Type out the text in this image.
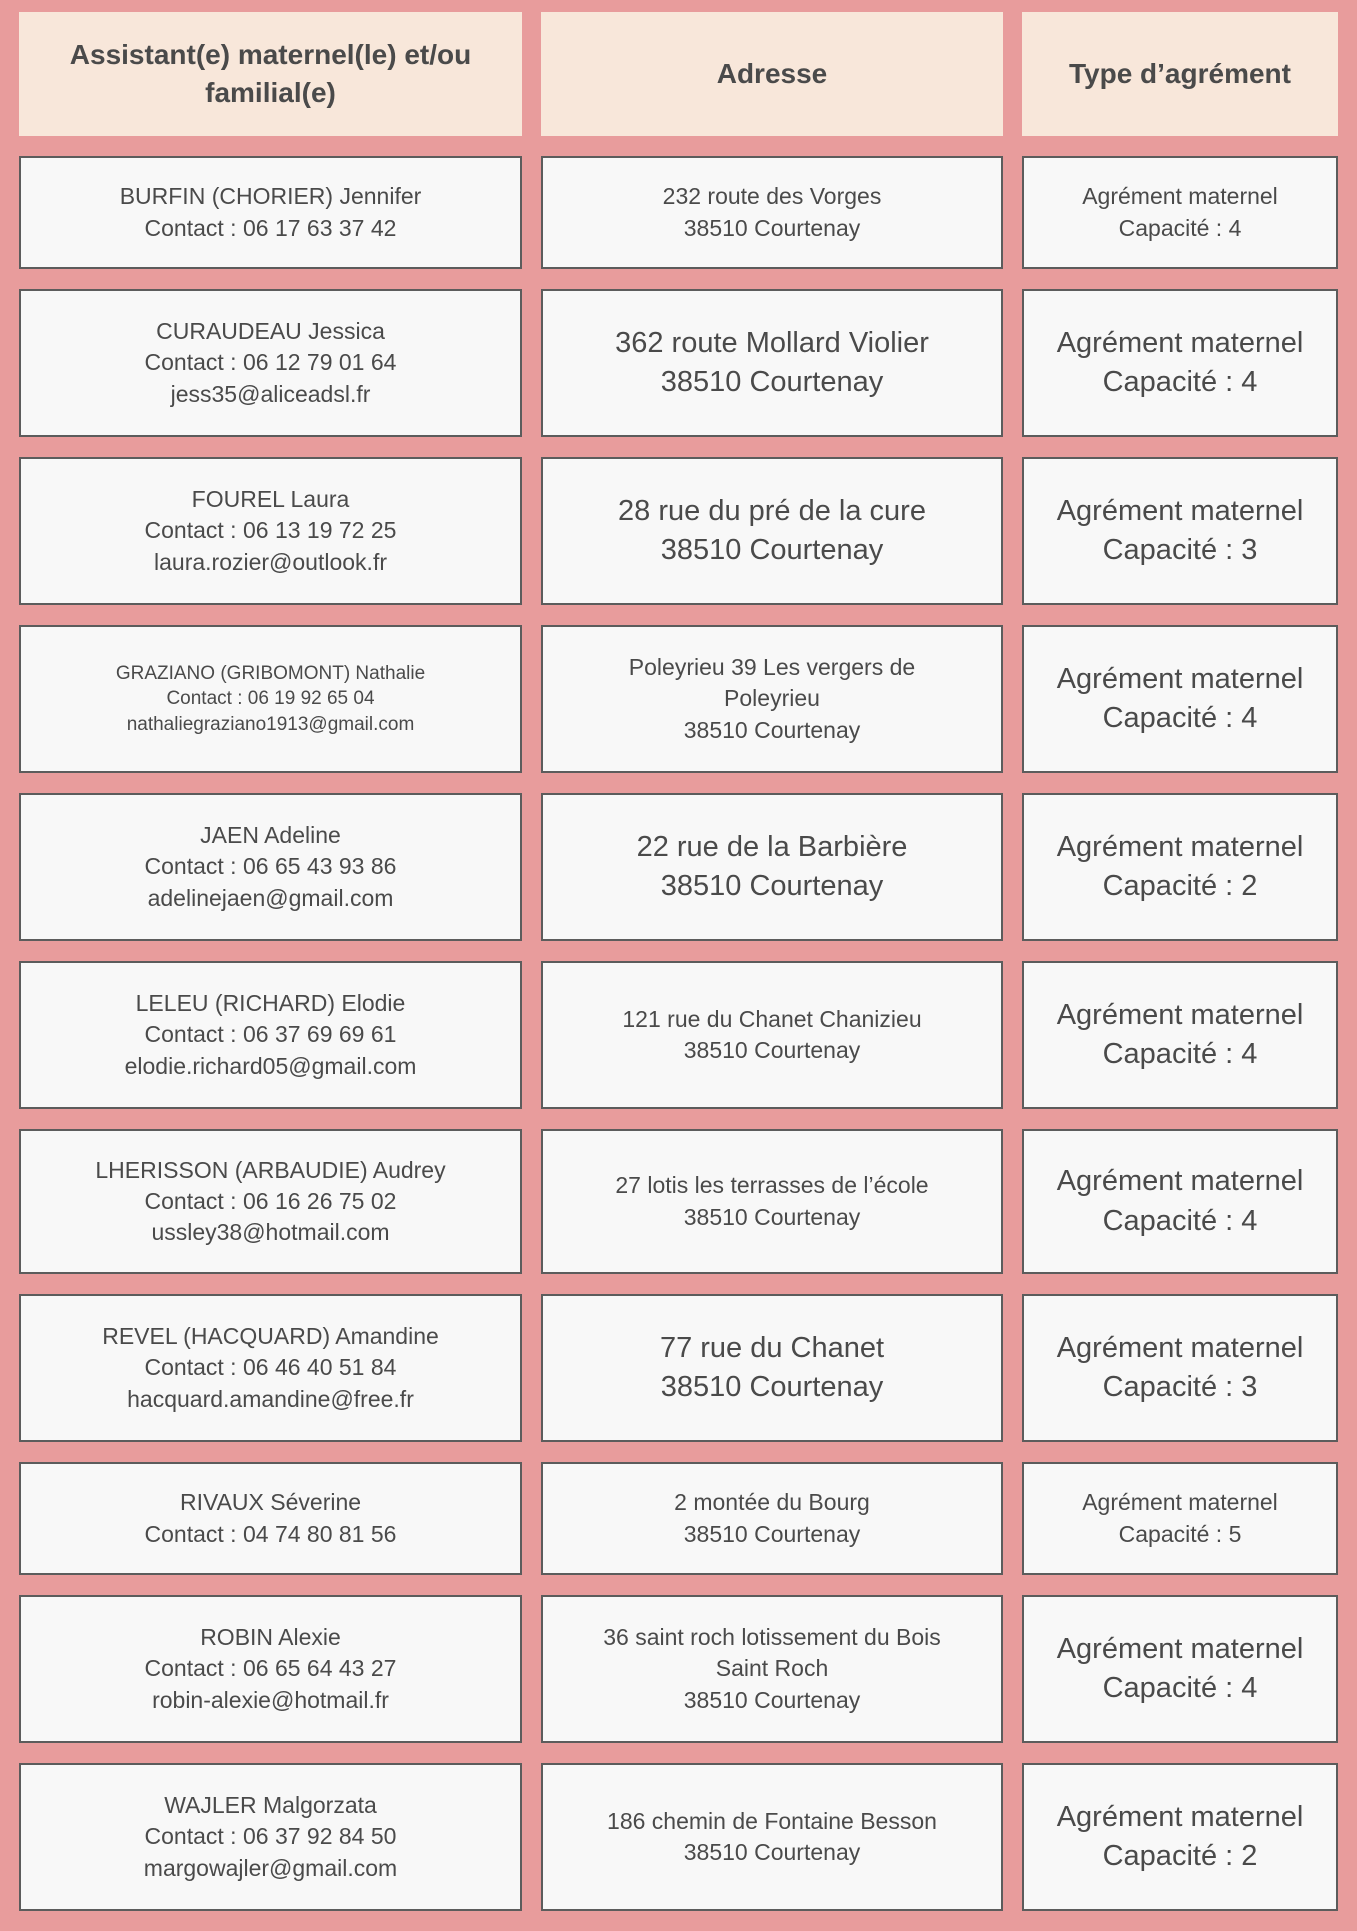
Assistant(e) maternel(le) et/ou familial(e)
Adresse	Type d’agrément
BURFIN (CHORIER) Jennifer
Contact : 06 17 63 37 42
232 route des Vorges
38510 Courtenay
Agrément maternel
Capacité : 4
CURAUDEAU Jessica
Contact : 06 12 79 01 64
jess35@aliceadsl.fr
362 route Mollard Violier
38510 Courtenay
Agrément maternel
Capacité : 4
FOUREL Laura
Contact : 06 13 19 72 25
laura.rozier@outlook.fr
28 rue du pré de la cure
38510 Courtenay
Agrément maternel
Capacité : 3
GRAZIANO (GRIBOMONT) Nathalie
Contact : 06 19 92 65 04
nathaliegraziano1913@gmail.com
Poleyrieu 39 Les vergers de
Poleyrieu
38510 Courtenay
Agrément maternel
Capacité : 4
JAEN Adeline
Contact : 06 65 43 93 86
adelinejaen@gmail.com
22 rue de la Barbière
38510 Courtenay
Agrément maternel
Capacité : 2
LELEU (RICHARD) Elodie
Contact : 06 37 69 69 61
elodie.richard05@gmail.com
121 rue du Chanet Chanizieu
38510 Courtenay
Agrément maternel
Capacité : 4
LHERISSON (ARBAUDIE) Audrey
Contact : 06 16 26 75 02
ussley38@hotmail.com
27 lotis les terrasses de l’école
38510 Courtenay
Agrément maternel
Capacité : 4
REVEL (HACQUARD) Amandine
Contact : 06 46 40 51 84
hacquard.amandine@free.fr
77 rue du Chanet
38510 Courtenay
Agrément maternel
Capacité : 3
RIVAUX Séverine
Contact : 04 74 80 81 56
2 montée du Bourg
38510 Courtenay
Agrément maternel
Capacité : 5
ROBIN Alexie
Contact : 06 65 64 43 27
robin-alexie@hotmail.fr
36 saint roch lotissement du Bois
Saint Roch
38510 Courtenay
Agrément maternel
Capacité : 4
WAJLER Malgorzata
Contact : 06 37 92 84 50
margowajler@gmail.com
186 chemin de Fontaine Besson
38510 Courtenay
Agrément maternel
Capacité : 2
